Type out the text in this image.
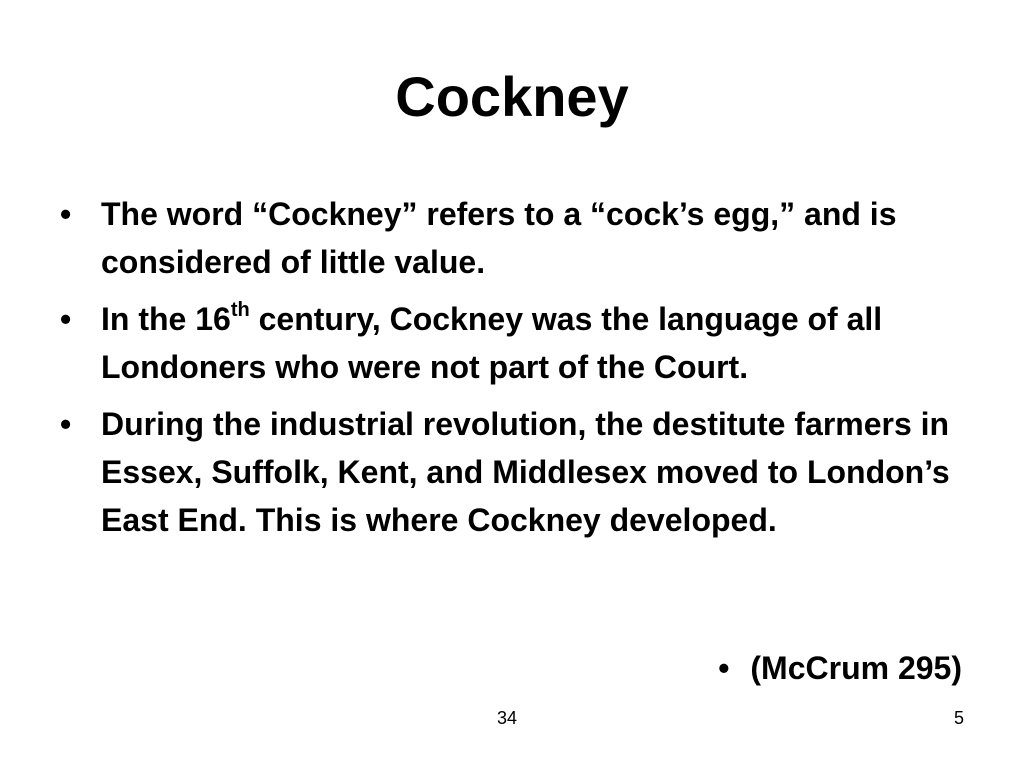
Cockney
• The word “Cockney” refers to a “cock’s egg,” and is considered of little value.
• In the 16th century, Cockney was the language of all Londoners who were not part of the Court.
• During the industrial revolution, the destitute farmers in Essex, Suffolk, Kent, and Middlesex moved to London’s East End. This is where Cockney developed.
• (McCrum 295)
34	5
